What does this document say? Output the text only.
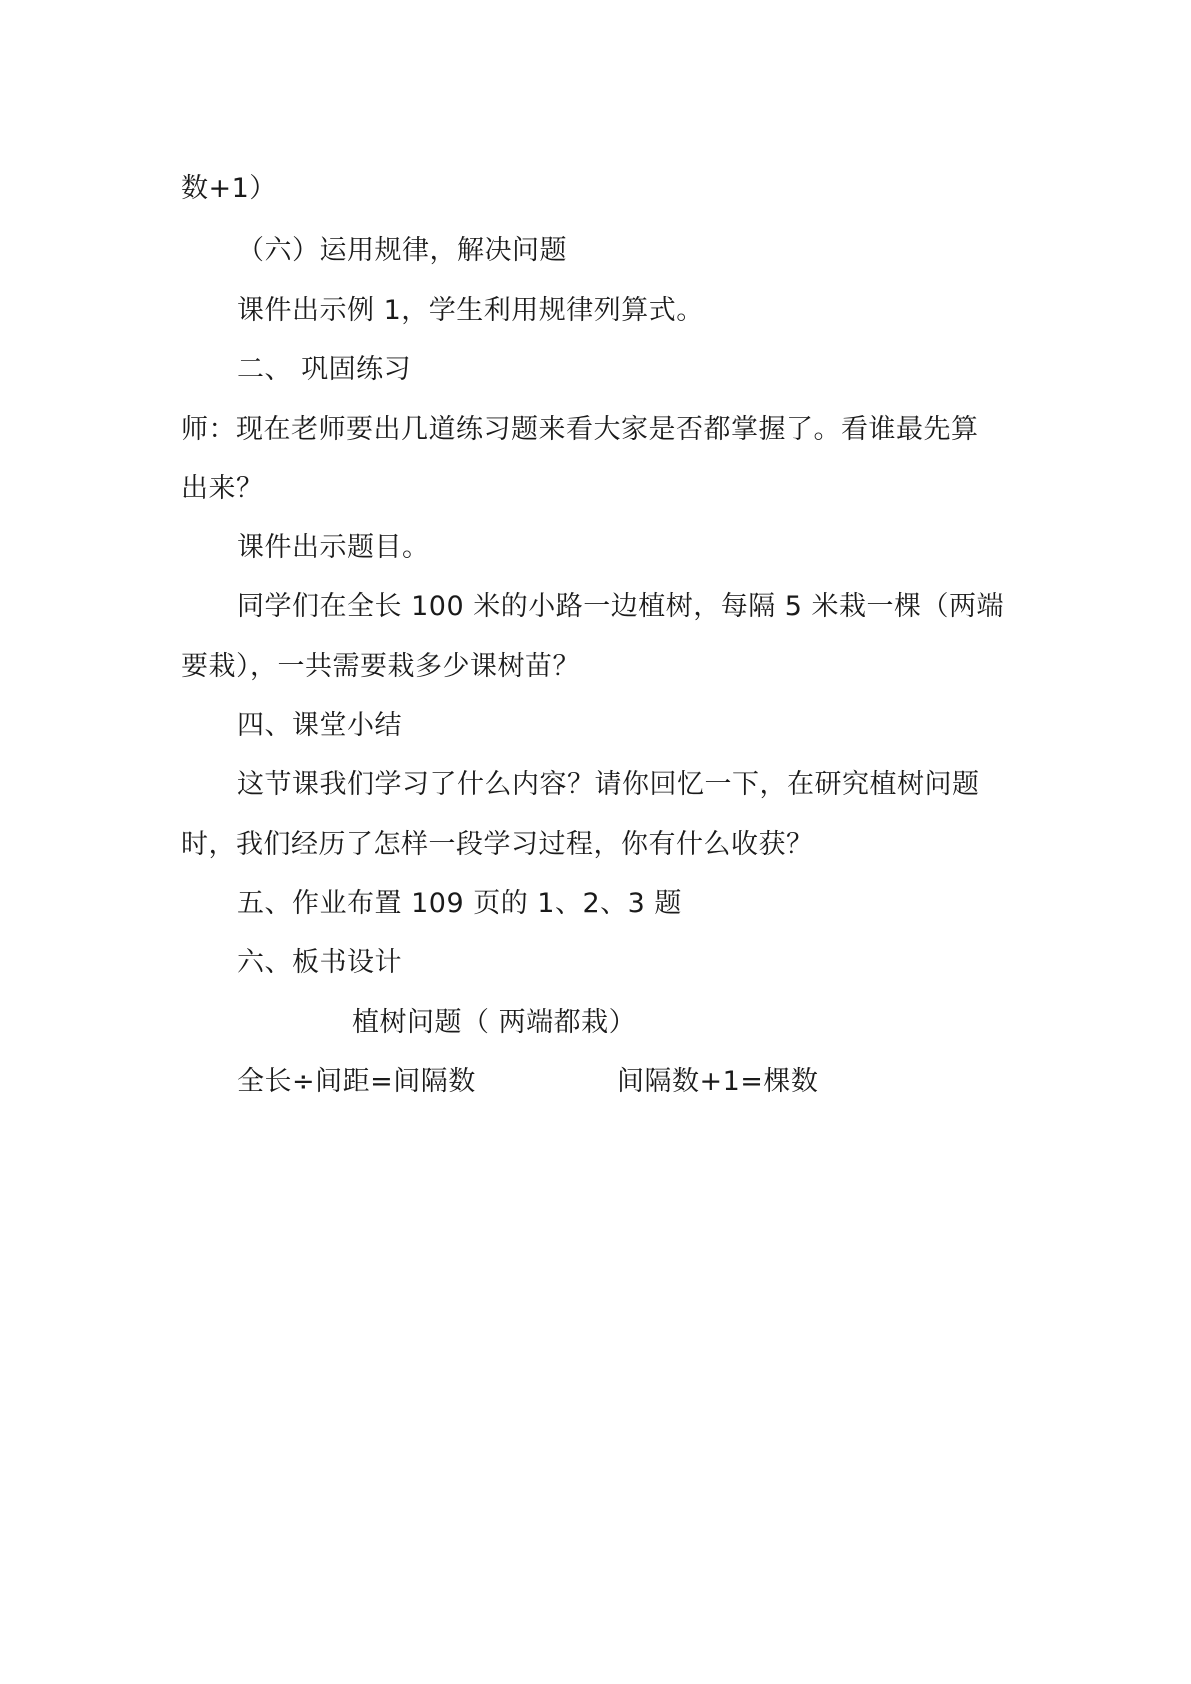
数+1）
（六）运用规律，解决问题
课件出示例 1，学生利用规律列算式。
二、 巩固练习
师：现在老师要出几道练习题来看大家是否都掌握了。看谁最先算
出来？
课件出示题目。
同学们在全长 100 米的小路一边植树，每隔 5 米栽一棵（两端
要栽），一共需要栽多少课树苗？
四、课堂小结
这节课我们学习了什么内容？请你回忆一下，在研究植树问题
时，我们经历了怎样一段学习过程，你有什么收获？
五、作业布置 109 页的 1、2、3 题
六、板书设计
植树问题（ 两端都栽）
全长÷间距=间隔数	间隔数+1=棵数
